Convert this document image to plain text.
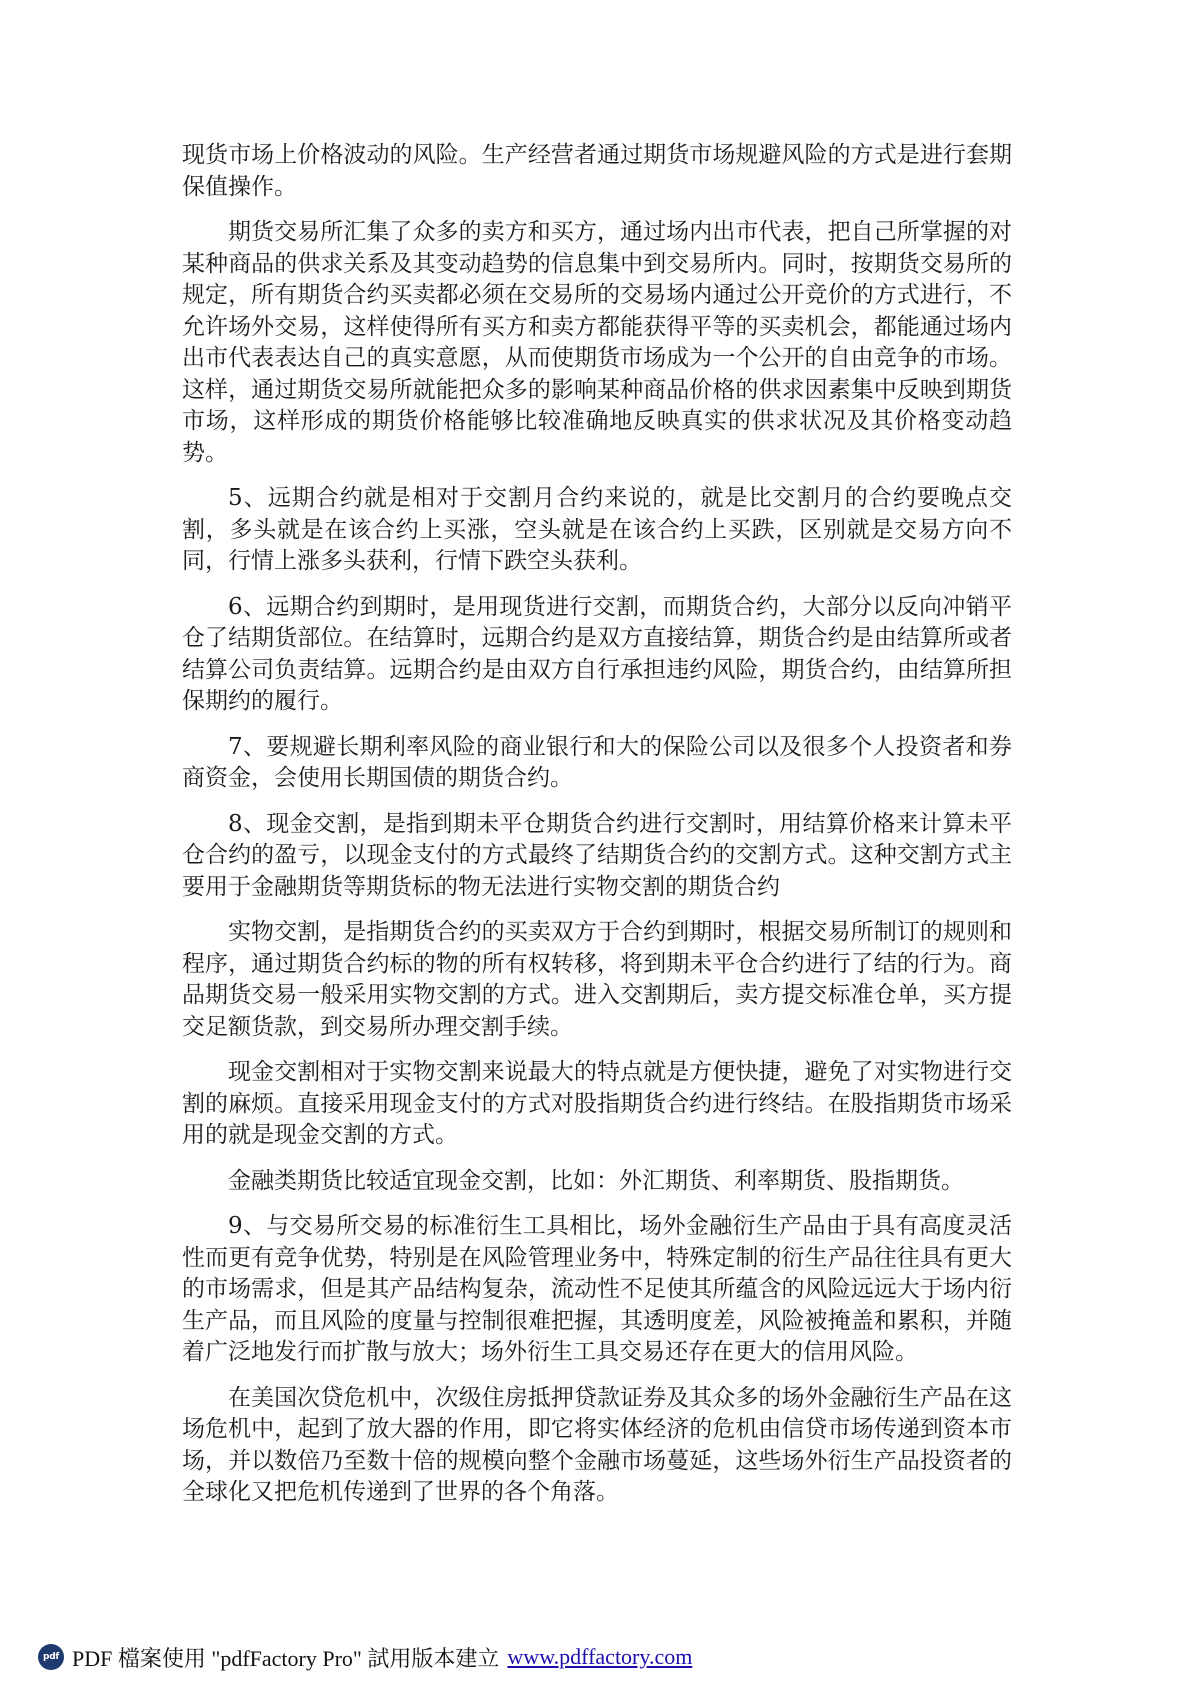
现货市场上价格波动的风险。生产经营者通过期货市场规避风险的方式是进行套期保值操作。

期货交易所汇集了众多的卖方和买方，通过场内出市代表，把自己所掌握的对某种商品的供求关系及其变动趋势的信息集中到交易所内。同时，按期货交易所的规定，所有期货合约买卖都必须在交易所的交易场内通过公开竞价的方式进行，不允许场外交易，这样使得所有买方和卖方都能获得平等的买卖机会，都能通过场内出市代表表达自己的真实意愿，从而使期货市场成为一个公开的自由竞争的市场。这样，通过期货交易所就能把众多的影响某种商品价格的供求因素集中反映到期货市场，这样形成的期货价格能够比较准确地反映真实的供求状况及其价格变动趋势。

5、远期合约就是相对于交割月合约来说的，就是比交割月的合约要晚点交割，多头就是在该合约上买涨，空头就是在该合约上买跌，区别就是交易方向不同，行情上涨多头获利，行情下跌空头获利。

6、远期合约到期时，是用现货进行交割，而期货合约，大部分以反向冲销平仓了结期货部位。在结算时，远期合约是双方直接结算，期货合约是由结算所或者结算公司负责结算。远期合约是由双方自行承担违约风险，期货合约，由结算所担保期约的履行。

7、要规避长期利率风险的商业银行和大的保险公司以及很多个人投资者和券商资金，会使用长期国债的期货合约。

8、现金交割，是指到期未平仓期货合约进行交割时，用结算价格来计算未平仓合约的盈亏，以现金支付的方式最终了结期货合约的交割方式。这种交割方式主要用于金融期货等期货标的物无法进行实物交割的期货合约

实物交割，是指期货合约的买卖双方于合约到期时，根据交易所制订的规则和程序，通过期货合约标的物的所有权转移，将到期未平仓合约进行了结的行为。商品期货交易一般采用实物交割的方式。进入交割期后，卖方提交标准仓单，买方提交足额货款，到交易所办理交割手续。

现金交割相对于实物交割来说最大的特点就是方便快捷，避免了对实物进行交割的麻烦。直接采用现金支付的方式对股指期货合约进行终结。在股指期货市场采用的就是现金交割的方式。

金融类期货比较适宜现金交割，比如：外汇期货、利率期货、股指期货。

9、与交易所交易的标准衍生工具相比，场外金融衍生产品由于具有高度灵活性而更有竞争优势，特别是在风险管理业务中，特殊定制的衍生产品往往具有更大的市场需求，但是其产品结构复杂，流动性不足使其所蕴含的风险远远大于场内衍生产品，而且风险的度量与控制很难把握，其透明度差，风险被掩盖和累积，并随着广泛地发行而扩散与放大；场外衍生工具交易还存在更大的信用风险。

在美国次贷危机中，次级住房抵押贷款证券及其众多的场外金融衍生产品在这场危机中，起到了放大器的作用，即它将实体经济的危机由信贷市场传递到资本市场，并以数倍乃至数十倍的规模向整个金融市场蔓延，这些场外衍生产品投资者的全球化又把危机传递到了世界的各个角落。

pdf PDF 檔案使用 "pdfFactory Pro" 試用版本建立 www.pdffactory.com
